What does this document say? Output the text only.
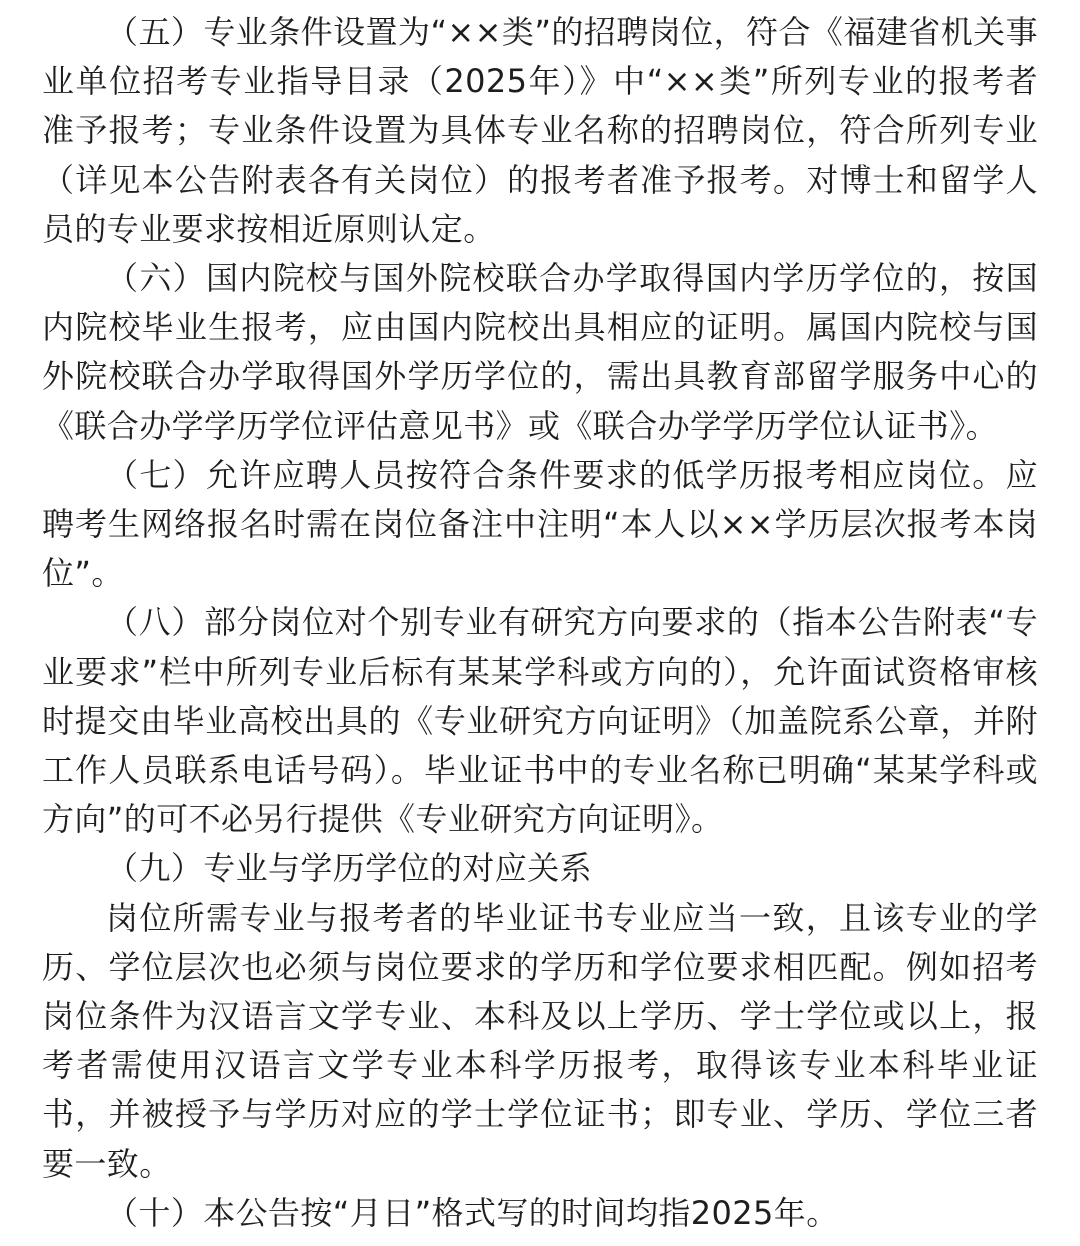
（五）专业条件设置为“××类”的招聘岗位，符合《福建省机关事业单位招考专业指导目录（2025年）》中“××类”所列专业的报考者准予报考；专业条件设置为具体专业名称的招聘岗位，符合所列专业（详见本公告附表各有关岗位）的报考者准予报考。对博士和留学人员的专业要求按相近原则认定。

（六）国内院校与国外院校联合办学取得国内学历学位的，按国内院校毕业生报考，应由国内院校出具相应的证明。属国内院校与国外院校联合办学取得国外学历学位的，需出具教育部留学服务中心的《联合办学学历学位评估意见书》或《联合办学学历学位认证书》。

（七）允许应聘人员按符合条件要求的低学历报考相应岗位。应聘考生网络报名时需在岗位备注中注明“本人以××学历层次报考本岗位”。

（八）部分岗位对个别专业有研究方向要求的（指本公告附表“专业要求”栏中所列专业后标有某某学科或方向的），允许面试资格审核时提交由毕业高校出具的《专业研究方向证明》（加盖院系公章，并附工作人员联系电话号码）。毕业证书中的专业名称已明确“某某学科或方向”的可不必另行提供《专业研究方向证明》。

（九）专业与学历学位的对应关系

岗位所需专业与报考者的毕业证书专业应当一致，且该专业的学历、学位层次也必须与岗位要求的学历和学位要求相匹配。例如招考岗位条件为汉语言文学专业、本科及以上学历、学士学位或以上，报考者需使用汉语言文学专业本科学历报考，取得该专业本科毕业证书，并被授予与学历对应的学士学位证书；即专业、学历、学位三者要一致。

（十）本公告按“月日”格式写的时间均指2025年。
